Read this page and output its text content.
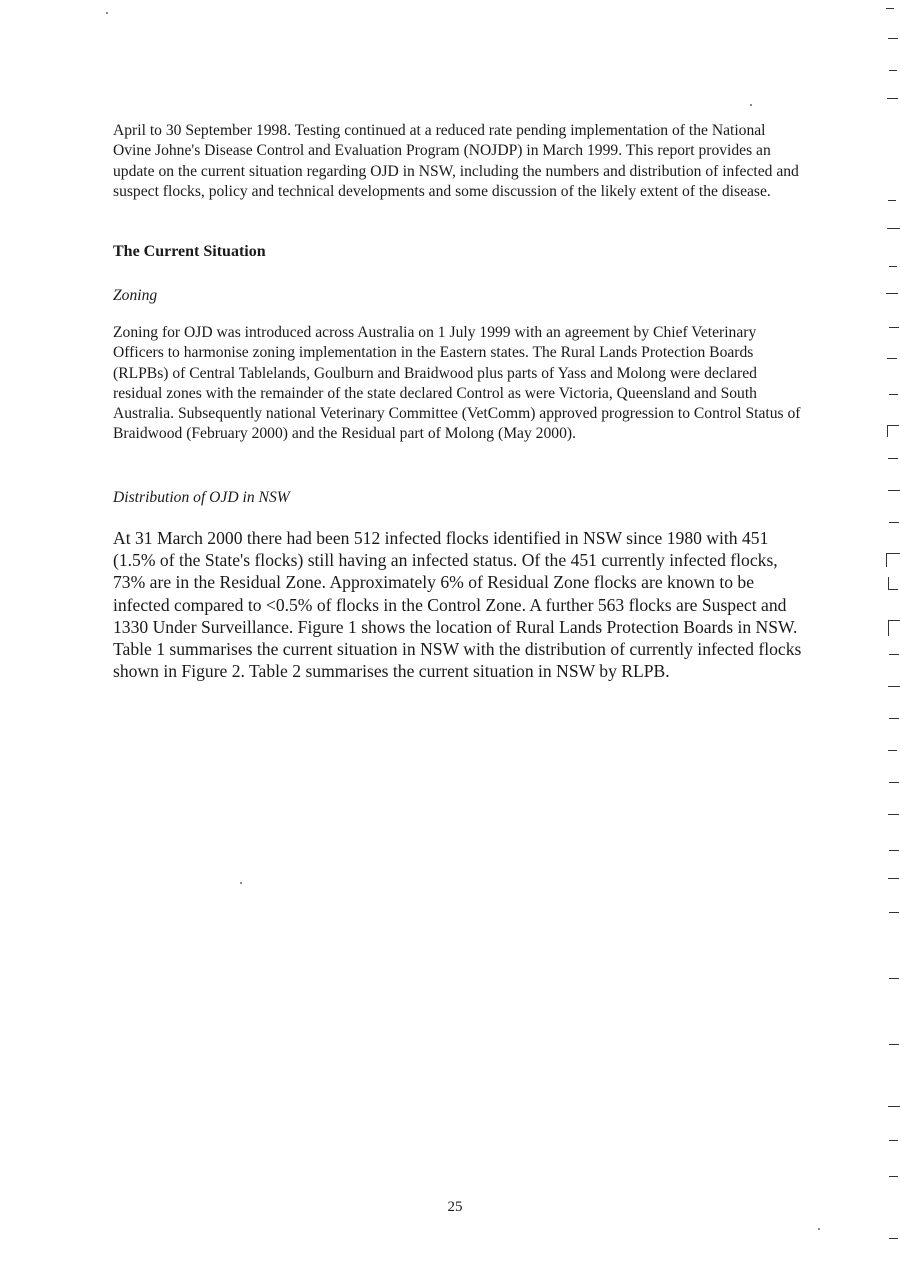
April to 30 September 1998. Testing continued at a reduced rate pending implementation of the National Ovine Johne's Disease Control and Evaluation Program (NOJDP) in March 1999. This report provides an update on the current situation regarding OJD in NSW, including the numbers and distribution of infected and suspect flocks, policy and technical developments and some discussion of the likely extent of the disease.

The Current Situation

Zoning

Zoning for OJD was introduced across Australia on 1 July 1999 with an agreement by Chief Veterinary Officers to harmonise zoning implementation in the Eastern states. The Rural Lands Protection Boards (RLPBs) of Central Tablelands, Goulburn and Braidwood plus parts of Yass and Molong were declared residual zones with the remainder of the state declared Control as were Victoria, Queensland and South Australia. Subsequently national Veterinary Committee (VetComm) approved progression to Control Status of Braidwood (February 2000) and the Residual part of Molong (May 2000).

Distribution of OJD in NSW

At 31 March 2000 there had been 512 infected flocks identified in NSW since 1980 with 451 (1.5% of the State's flocks) still having an infected status. Of the 451 currently infected flocks, 73% are in the Residual Zone. Approximately 6% of Residual Zone flocks are known to be infected compared to <0.5% of flocks in the Control Zone. A further 563 flocks are Suspect and 1330 Under Surveillance. Figure 1 shows the location of Rural Lands Protection Boards in NSW. Table 1 summarises the current situation in NSW with the distribution of currently infected flocks shown in Figure 2. Table 2 summarises the current situation in NSW by RLPB.

25
